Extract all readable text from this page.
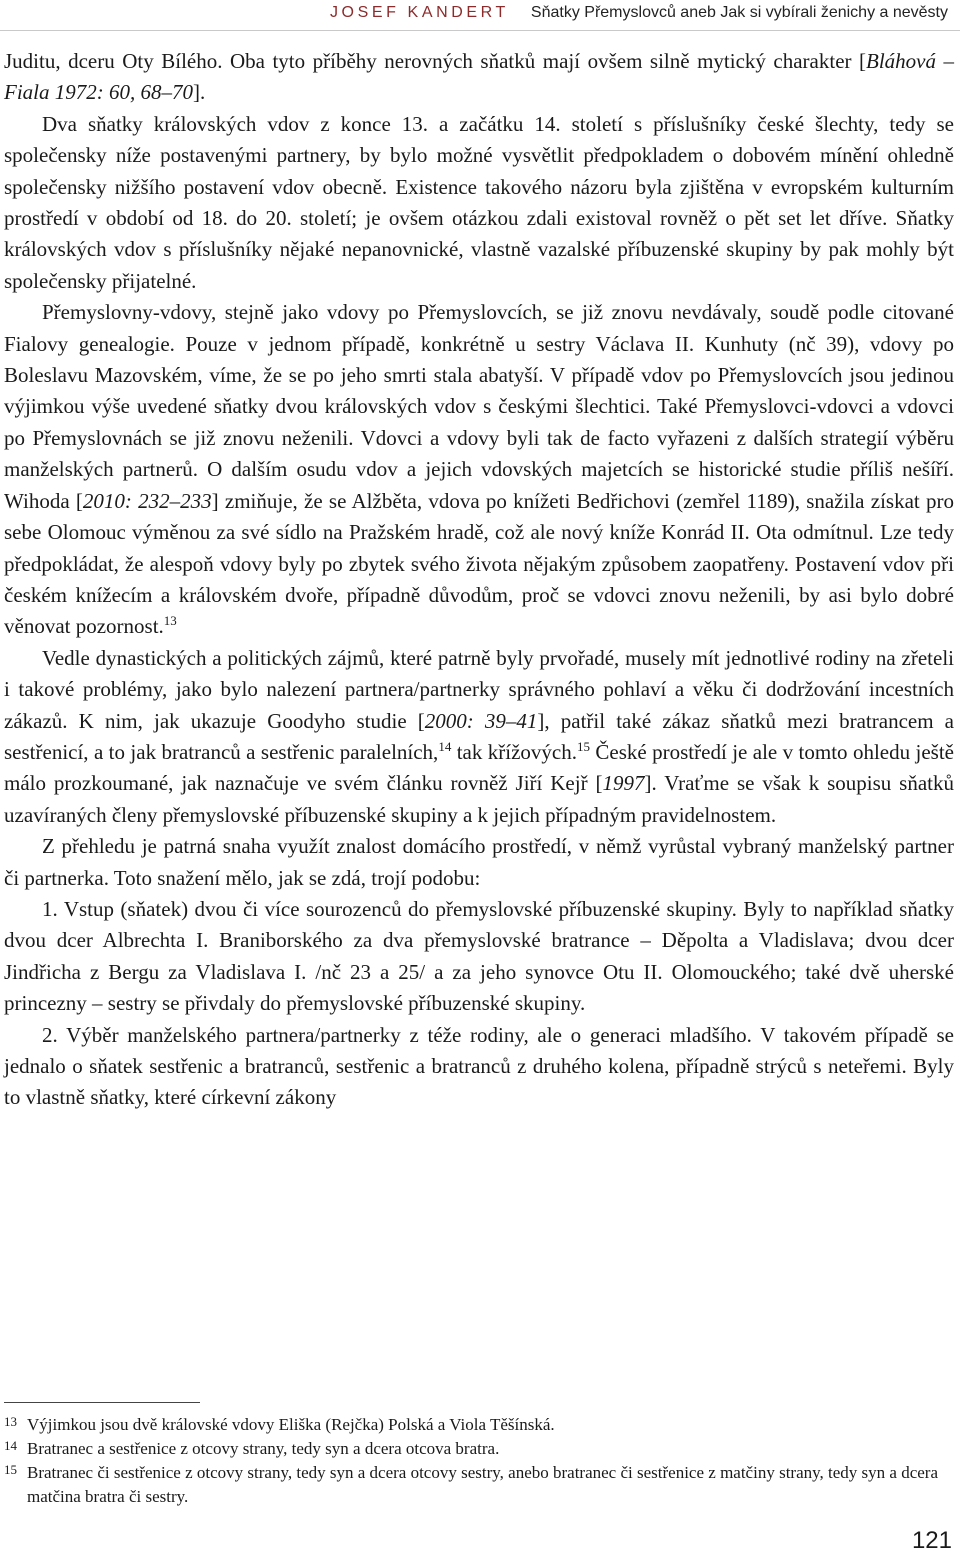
JOSEF KANDERT Sňatky Přemyslovců aneb Jak si vybírali ženichy a nevěsty

Juditu, dceru Oty Bílého. Oba tyto příběhy nerovných sňatků mají ovšem silně mytický charakter [Bláhová – Fiala 1972: 60, 68–70].

Dva sňatky královských vdov z konce 13. a začátku 14. století s příslušníky české šlechty, tedy se společensky níže postavenými partnery, by bylo možné vysvětlit předpokladem o dobovém mínění ohledně společensky nižšího postavení vdov obecně. Existence takového názoru byla zjištěna v evropském kulturním prostředí v období od 18. do 20. století; je ovšem otázkou zdali existoval rovněž o pět set let dříve. Sňatky královských vdov s příslušníky nějaké nepanovnické, vlastně vazalské příbuzenské skupiny by pak mohly být společensky přijatelné.

Přemyslovny-vdovy, stejně jako vdovy po Přemyslovcích, se již znovu nevdávaly, soudě podle citované Fialovy genealogie. Pouze v jednom případě, konkrétně u sestry Václava II. Kunhuty (nč 39), vdovy po Boleslavu Mazovském, víme, že se po jeho smrti stala abatyší. V případě vdov po Přemyslovcích jsou jedinou výjimkou výše uvedené sňatky dvou královských vdov s českými šlechtici. Také Přemyslovci-vdovci a vdovci po Přemyslovnách se již znovu neženili. Vdovci a vdovy byli tak de facto vyřazeni z dalších strategií výběru manželských partnerů. O dalším osudu vdov a jejich vdovských majetcích se historické studie příliš nešíří. Wihoda [2010: 232–233] zmiňuje, že se Alžběta, vdova po knížeti Bedřichovi (zemřel 1189), snažila získat pro sebe Olomouc výměnou za své sídlo na Pražském hradě, což ale nový kníže Konrád II. Ota odmítnul. Lze tedy předpokládat, že alespoň vdovy byly po zbytek svého života nějakým způsobem zaopatřeny. Postavení vdov při českém knížecím a královském dvoře, případně důvodům, proč se vdovci znovu neženili, by asi bylo dobré věnovat pozornost.$^{13}$

Vedle dynastických a politických zájmů, které patrně byly prvořadé, musely mít jednotlivé rodiny na zřeteli i takové problémy, jako bylo nalezení partnera/partnerky správného pohlaví a věku či dodržování incestních zákazů. K nim, jak ukazuje Goodyho studie [2000: 39–41], patřil také zákaz sňatků mezi bratrancem a sestřenicí, a to jak bratranců a sestřenic paralelních,$^{14}$ tak křížových.$^{15}$ České prostředí je ale v tomto ohledu ještě málo prozkoumané, jak naznačuje ve svém článku rovněž Jiří Kejř [1997]. Vraťme se však k soupisu sňatků uzavíraných členy přemyslovské příbuzenské skupiny a k jejich případným pravidelnostem.

Z přehledu je patrná snaha využít znalost domácího prostředí, v němž vyrůstal vybraný manželský partner či partnerka. Toto snažení mělo, jak se zdá, trojí podobu:

1. Vstup (sňatek) dvou či více sourozenců do přemyslovské příbuzenské skupiny. Byly to například sňatky dvou dcer Albrechta I. Braniborského za dva přemyslovské bratrance – Děpolta a Vladislava; dvou dcer Jindřicha z Bergu za Vladislava I. /nč 23 a 25/ a za jeho synovce Otu II. Olomouckého; také dvě uherské princezny – sestry se přivdaly do přemyslovské příbuzenské skupiny.

2. Výběr manželského partnera/partnerky z téže rodiny, ale o generaci mladšího. V takovém případě se jednalo o sňatek sestřenic a bratranců, sestřenic a bratranců z druhého kolena, případně strýců s neteřemi. Byly to vlastně sňatky, které církevní zákony

13 Výjimkou jsou dvě královské vdovy Eliška (Rejčka) Polská a Viola Těšínská.
14 Bratranec a sestřenice z otcovy strany, tedy syn a dcera otcova bratra.
15 Bratranec či sestřenice z otcovy strany, tedy syn a dcera otcovy sestry, anebo bratranec či sestřenice z matčiny strany, tedy syn a dcera matčina bratra či sestry.
121
